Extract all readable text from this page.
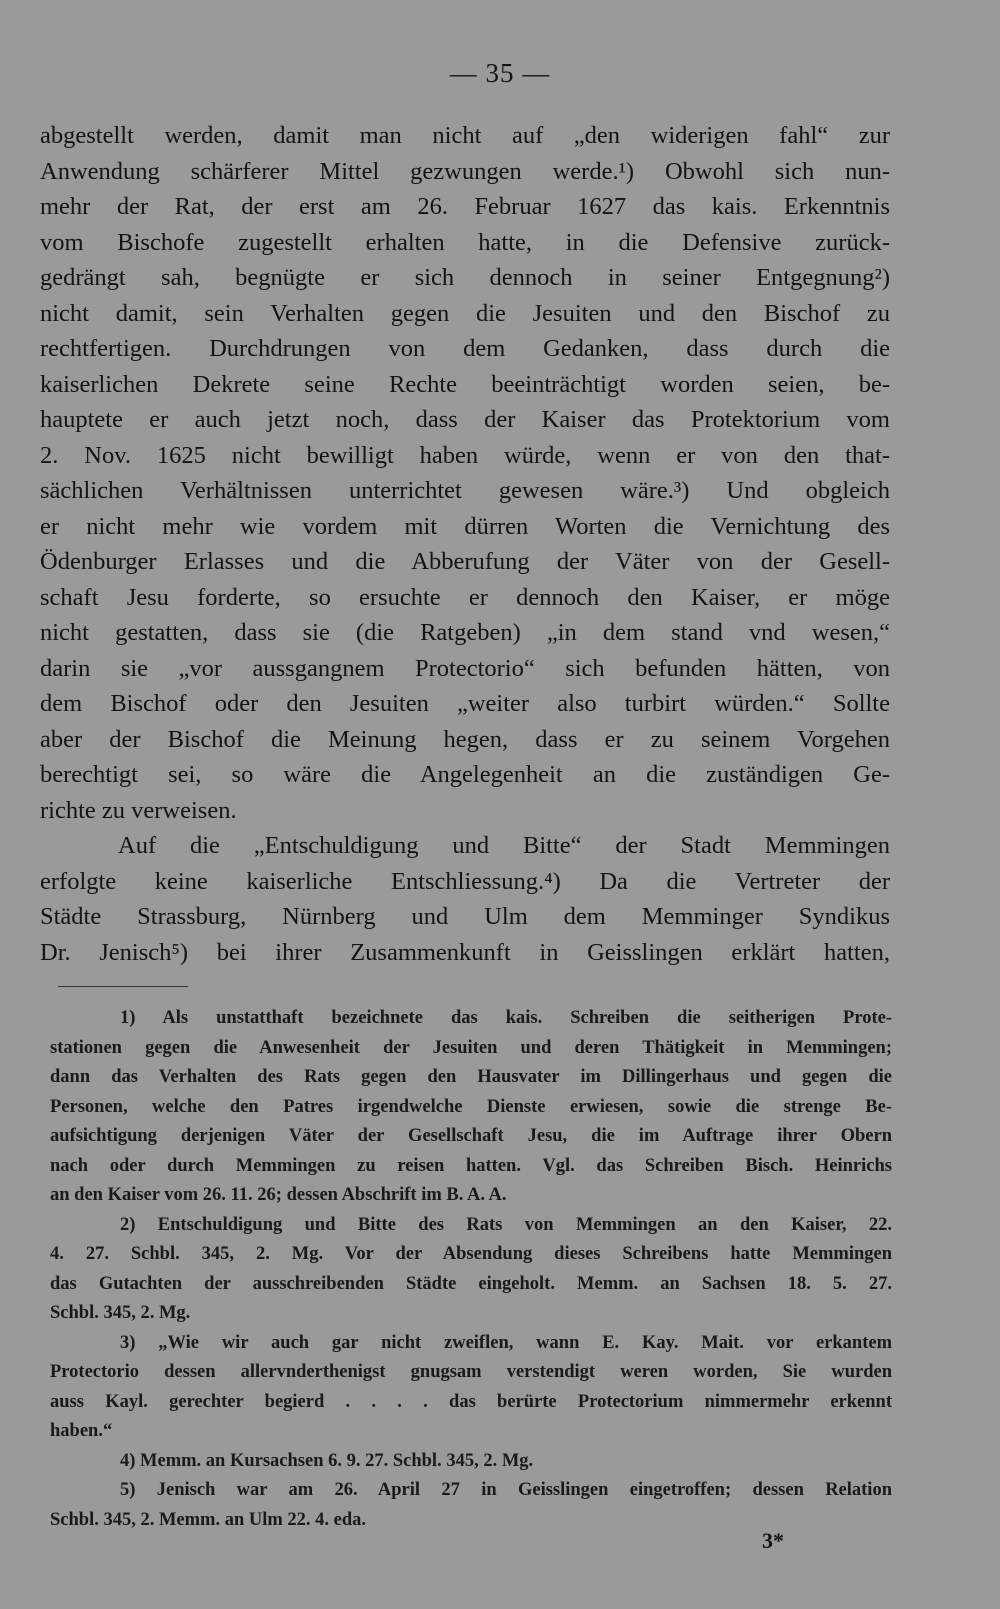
— 35 —
abgestellt werden, damit man nicht auf „den widerigen fahl“ zur
Anwendung schärferer Mittel gezwungen werde.¹) Obwohl sich nun-
mehr der Rat, der erst am 26. Februar 1627 das kais. Erkenntnis
vom Bischofe zugestellt erhalten hatte, in die Defensive zurück-
gedrängt sah, begnügte er sich dennoch in seiner Entgegnung²)
nicht damit, sein Verhalten gegen die Jesuiten und den Bischof zu
rechtfertigen. Durchdrungen von dem Gedanken, dass durch die
kaiserlichen Dekrete seine Rechte beeinträchtigt worden seien, be-
hauptete er auch jetzt noch, dass der Kaiser das Protektorium vom
2. Nov. 1625 nicht bewilligt haben würde, wenn er von den that-
sächlichen Verhältnissen unterrichtet gewesen wäre.³) Und obgleich
er nicht mehr wie vordem mit dürren Worten die Vernichtung des
Ödenburger Erlasses und die Abberufung der Väter von der Gesell-
schaft Jesu forderte, so ersuchte er dennoch den Kaiser, er möge
nicht gestatten, dass sie (die Ratgeben) „in dem stand vnd wesen,“
darin sie „vor aussgangnem Protectorio“ sich befunden hätten, von
dem Bischof oder den Jesuiten „weiter also turbirt würden.“ Sollte
aber der Bischof die Meinung hegen, dass er zu seinem Vorgehen
berechtigt sei, so wäre die Angelegenheit an die zuständigen Ge-
richte zu verweisen.
Auf die „Entschuldigung und Bitte“ der Stadt Memmingen
erfolgte keine kaiserliche Entschliessung.⁴) Da die Vertreter der
Städte Strassburg, Nürnberg und Ulm dem Memminger Syndikus
Dr. Jenisch⁵) bei ihrer Zusammenkunft in Geisslingen erklärt hatten,
1) Als unstatthaft bezeichnete das kais. Schreiben die seitherigen Prote-
stationen gegen die Anwesenheit der Jesuiten und deren Thätigkeit in Memmingen;
dann das Verhalten des Rats gegen den Hausvater im Dillingerhaus und gegen die
Personen, welche den Patres irgendwelche Dienste erwiesen, sowie die strenge Be-
aufsichtigung derjenigen Väter der Gesellschaft Jesu, die im Auftrage ihrer Obern
nach oder durch Memmingen zu reisen hatten. Vgl. das Schreiben Bisch. Heinrichs
an den Kaiser vom 26. 11. 26; dessen Abschrift im B. A. A.
2) Entschuldigung und Bitte des Rats von Memmingen an den Kaiser, 22.
4. 27. Schbl. 345, 2. Mg. Vor der Absendung dieses Schreibens hatte Memmingen
das Gutachten der ausschreibenden Städte eingeholt. Memm. an Sachsen 18. 5. 27.
Schbl. 345, 2. Mg.
3) „Wie wir auch gar nicht zweiflen, wann E. Kay. Mait. vor erkantem
Protectorio dessen allervnderthenigst gnugsam verstendigt weren worden, Sie wurden
auss Kayl. gerechter begierd . . . . das berürte Protectorium nimmermehr erkennt
haben.“
4) Memm. an Kursachsen 6. 9. 27. Schbl. 345, 2. Mg.
5) Jenisch war am 26. April 27 in Geisslingen eingetroffen; dessen Relation
Schbl. 345, 2. Memm. an Ulm 22. 4. eda.
3*
